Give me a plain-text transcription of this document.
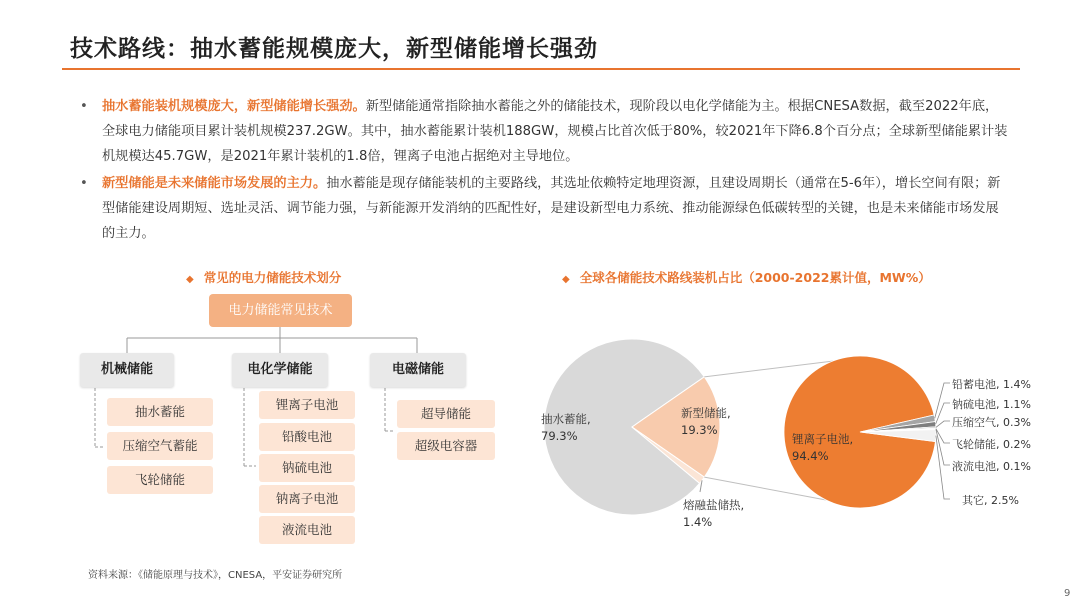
技术路线：抽水蓄能规模庞大，新型储能增长强劲
• 抽水蓄能装机规模庞大，新型储能增长强劲。新型储能通常指除抽水蓄能之外的储能技术，现阶段以电化学储能为主。根据CNESA数据，截至2022年底，全球电力储能项目累计装机规模237.2GW。其中，抽水蓄能累计装机188GW，规模占比首次低于80%，较2021年下降6.8个百分点；全球新型储能累计装机规模达45.7GW，是2021年累计装机的1.8倍，锂离子电池占据绝对主导地位。
• 新型储能是未来储能市场发展的主力。抽水蓄能是现存储能装机的主要路线，其选址依赖特定地理资源，且建设周期长（通常在5-6年），增长空间有限；新型储能建设周期短、选址灵活、调节能力强，与新能源开发消纳的匹配性好，是建设新型电力系统、推动能源绿色低碳转型的关键，也是未来储能市场发展的主力。
◆ 常见的电力储能技术划分
电力储能常见技术
机械储能	电化学储能	电磁储能
抽水蓄能
压缩空气蓄能
飞轮储能
锂离子电池
铅酸电池
钠硫电池
钠离子电池
液流电池
超导储能
超级电容器
◆ 全球各储能技术路线装机占比（2000-2022累计值，MW%）
抽水蓄能,
79.3%
新型储能,
19.3%
熔融盐储热,
1.4%
锂离子电池,
94.4%
铅蓄电池, 1.4%
钠硫电池, 1.1%
压缩空气, 0.3%
飞轮储能, 0.2%
液流电池, 0.1%
其它, 2.5%
资料来源：《储能原理与技术》，CNESA，平安证券研究所
9
